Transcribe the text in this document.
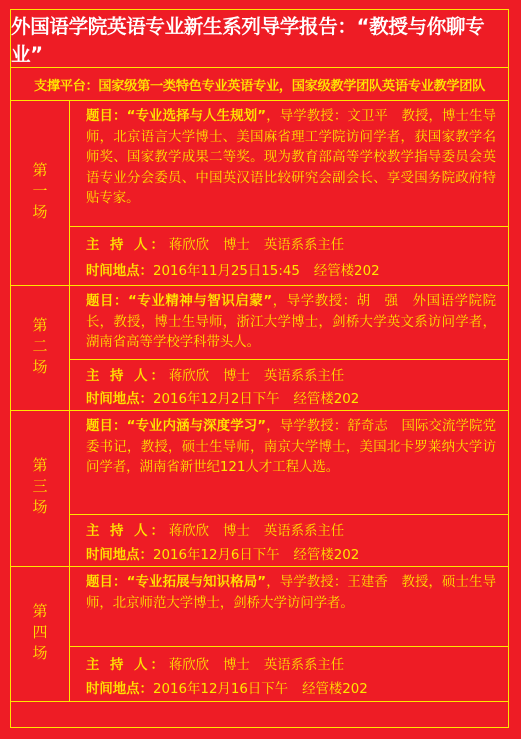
外国语学院英语专业新生系列导学报告：“教授与你聊专业”
支撑平台：国家级第一类特色专业英语专业，国家级教学团队英语专业教学团队
第一场

题目：“专业选择与人生规划”，导学教授：文卫平　教授，博士生导师，北京语言大学博士、美国麻省理工学院访问学者，获国家教学名师奖、国家教学成果二等奖。现为教育部高等学校教学指导委员会英语专业分会委员、中国英汉语比较研究会副会长、享受国务院政府特贴专家。

主 持 人： 蒋欣欣 博士 英语系系主任
时间地点：2016年11月25日15:45 经管楼202
第二场

题目：“专业精神与智识启蒙”，导学教授：胡　强　外国语学院院长，教授，博士生导师，浙江大学博士，剑桥大学英文系访问学者，湖南省高等学校学科带头人。

主 持 人： 蒋欣欣 博士 英语系系主任
时间地点：2016年12月2日下午 经管楼202
第三场

题目：“专业内涵与深度学习”，导学教授：舒奇志　国际交流学院党委书记，教授，硕士生导师，南京大学博士，美国北卡罗莱纳大学访问学者，湖南省新世纪121人才工程人选。

主 持 人： 蒋欣欣 博士 英语系系主任
时间地点：2016年12月6日下午 经管楼202
第四场

题目：“专业拓展与知识格局”，导学教授：王建香　教授，硕士生导师，北京师范大学博士，剑桥大学访问学者。

主 持 人： 蒋欣欣 博士 英语系系主任
时间地点：2016年12月16日下午 经管楼202
